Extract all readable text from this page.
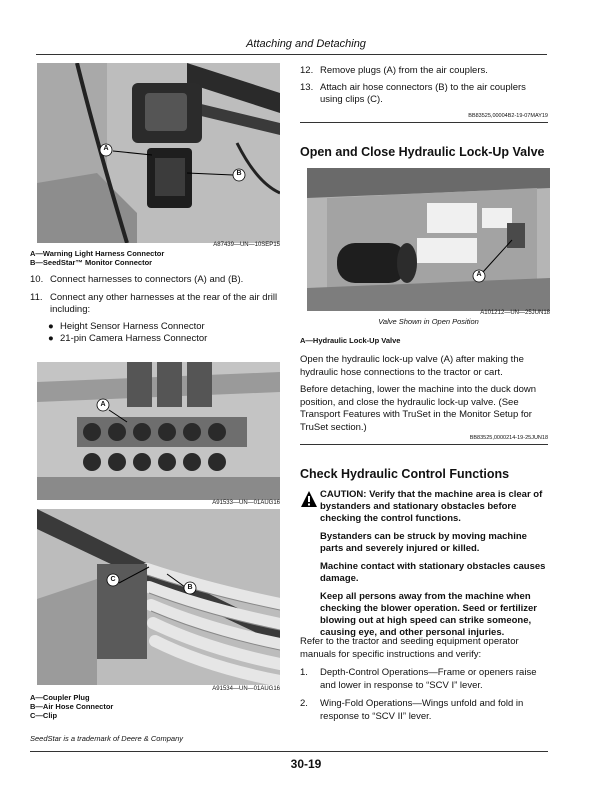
Attaching and Detaching
A
B
A87439—UN—10SEP15
A—Warning Light Harness Connector
B—SeedStar™ Monitor Connector
10. Connect harnesses to connectors (A) and (B).
11. Connect any other harnesses at the rear of the air drill including:
● Height Sensor Harness Connector
● 21-pin Camera Harness Connector
A
A91533—UN—01AUG16
C
B
A91534—UN—01AUG16
A—Coupler Plug
B—Air Hose Connector
C—Clip
12. Remove plugs (A) from the air couplers.
13. Attach air hose connectors (B) to the air couplers using clips (C).
BB83525,00004B2-19-07MAY19
Open and Close Hydraulic Lock-Up Valve
A
A101212—UN—25JUN18
Valve Shown in Open Position
A—Hydraulic Lock-Up Valve

Open the hydraulic lock-up valve (A) after making the hydraulic hose connections to the tractor or cart.

Before detaching, lower the machine into the duck down position, and close the hydraulic lock-up valve. (See Transport Features with TruSet in the Monitor Setup for TruSet section.)

BB83525,0000214-19-25JUN18
Check Hydraulic Control Functions

CAUTION: Verify that the machine area is clear of bystanders and stationary obstacles before checking the control functions.

Bystanders can be struck by moving machine parts and severely injured or killed.

Machine contact with stationary obstacles causes damage.

Keep all persons away from the machine when checking the blower operation. Seed or fertilizer blowing out at high speed can strike someone, causing eye, and other personal injuries.

Refer to the tractor and seeding equipment operator manuals for specific instructions and verify:

1. Depth-Control Operations—Frame or openers raise and lower in response to “SCV I” lever.
2. Wing-Fold Operations—Wings unfold and fold in response to “SCV II” lever.
SeedStar is a trademark of Deere & Company
30-19
